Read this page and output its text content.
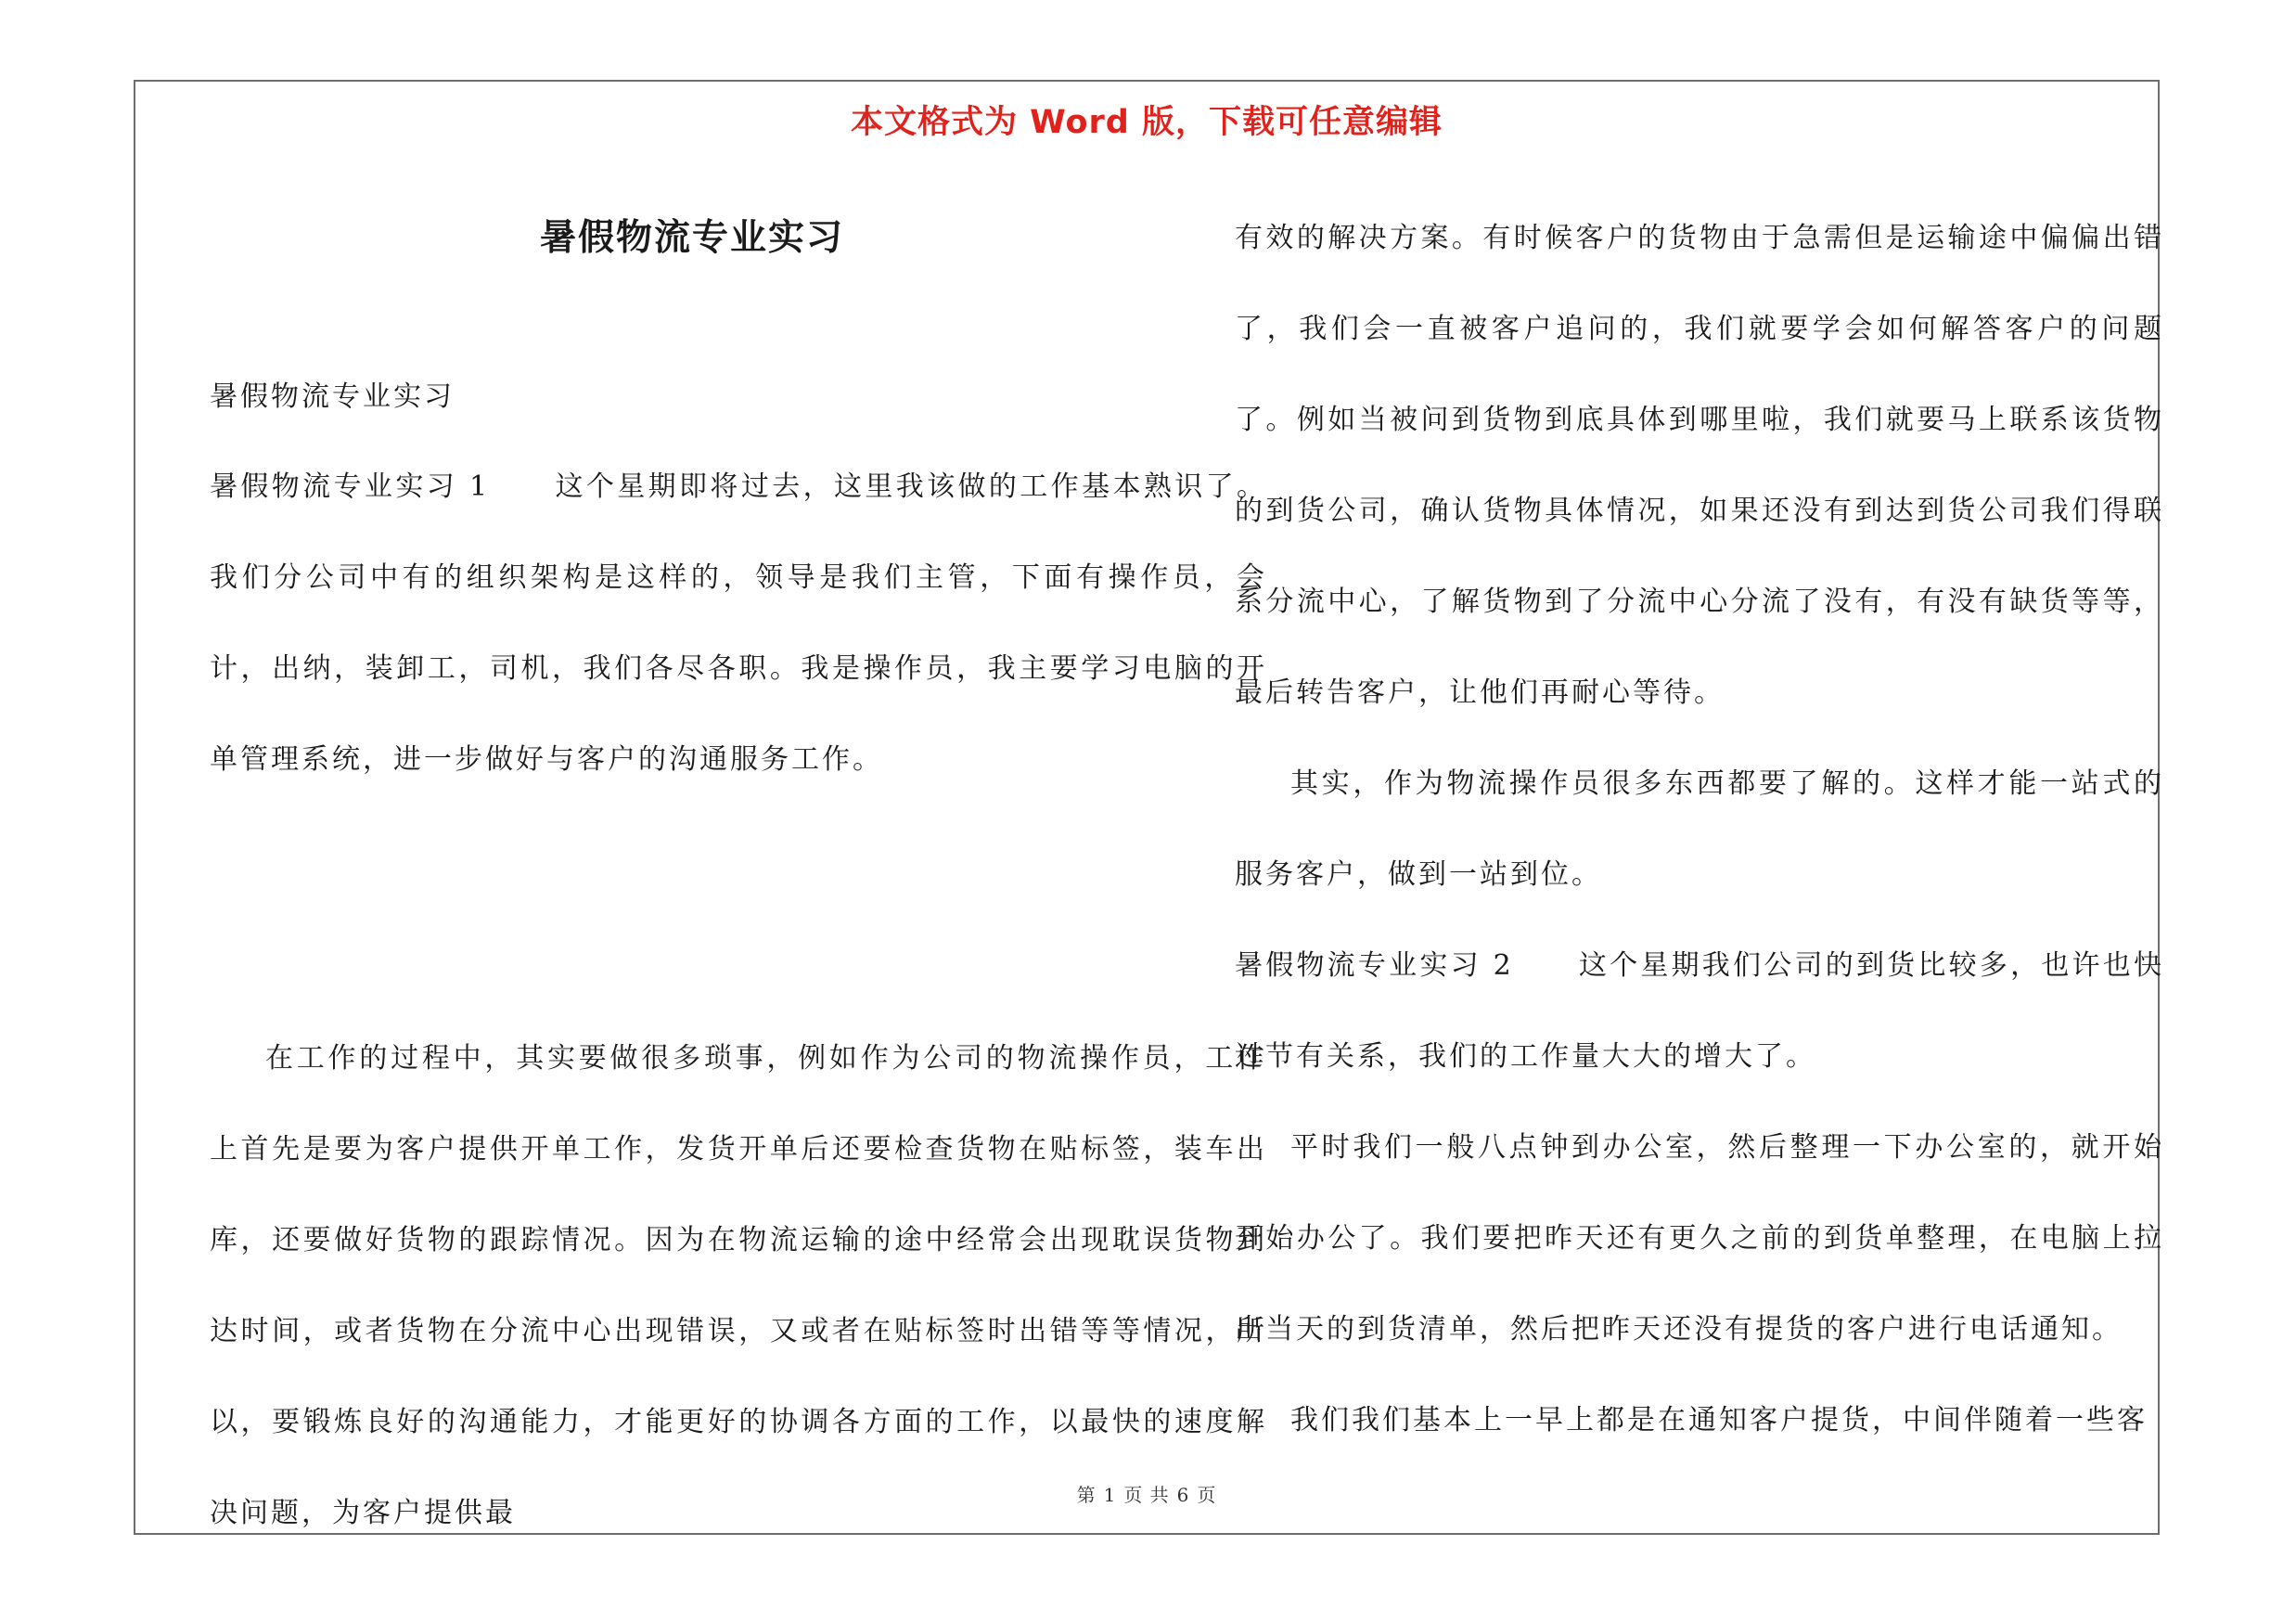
本文格式为 Word 版，下载可任意编辑
暑假物流专业实习

暑假物流专业实习

暑假物流专业实习 1 这个星期即将过去，这里我该做的工作基本熟识了。我们分公司中有的组织架构是这样的，领导是我们主管，下面有操作员，会计，出纳，装卸工，司机，我们各尽各职。我是操作员，我主要学习电脑的开单管理系统，进一步做好与客户的沟通服务工作。

在工作的过程中，其实要做很多琐事，例如作为公司的物流操作员，工作上首先是要为客户提供开单工作，发货开单后还要检查货物在贴标签，装车出库，还要做好货物的跟踪情况。因为在物流运输的途中经常会出现耽误货物到达时间，或者货物在分流中心出现错误，又或者在贴标签时出错等等情况，所以，要锻炼良好的沟通能力，才能更好的协调各方面的工作，以最快的速度解决问题，为客户提供最

有效的解决方案。有时候客户的货物由于急需但是运输途中偏偏出错了，我们会一直被客户追问的，我们就要学会如何解答客户的问题了。例如当被问到货物到底具体到哪里啦，我们就要马上联系该货物的到货公司，确认货物具体情况，如果还没有到达到货公司我们得联系分流中心，了解货物到了分流中心分流了没有，有没有缺货等等，最后转告客户，让他们再耐心等待。

其实，作为物流操作员很多东西都要了解的。这样才能一站式的服务客户，做到一站到位。

暑假物流专业实习 2 这个星期我们公司的到货比较多，也许也快过节有关系，我们的工作量大大的增大了。

平时我们一般八点钟到办公室，然后整理一下办公室的，就开始开始办公了。我们要把昨天还有更久之前的到货单整理，在电脑上拉出当天的到货清单，然后把昨天还没有提货的客户进行电话通知。

我们我们基本上一早上都是在通知客户提货，中间伴随着一些客

第 1 页 共 6 页
